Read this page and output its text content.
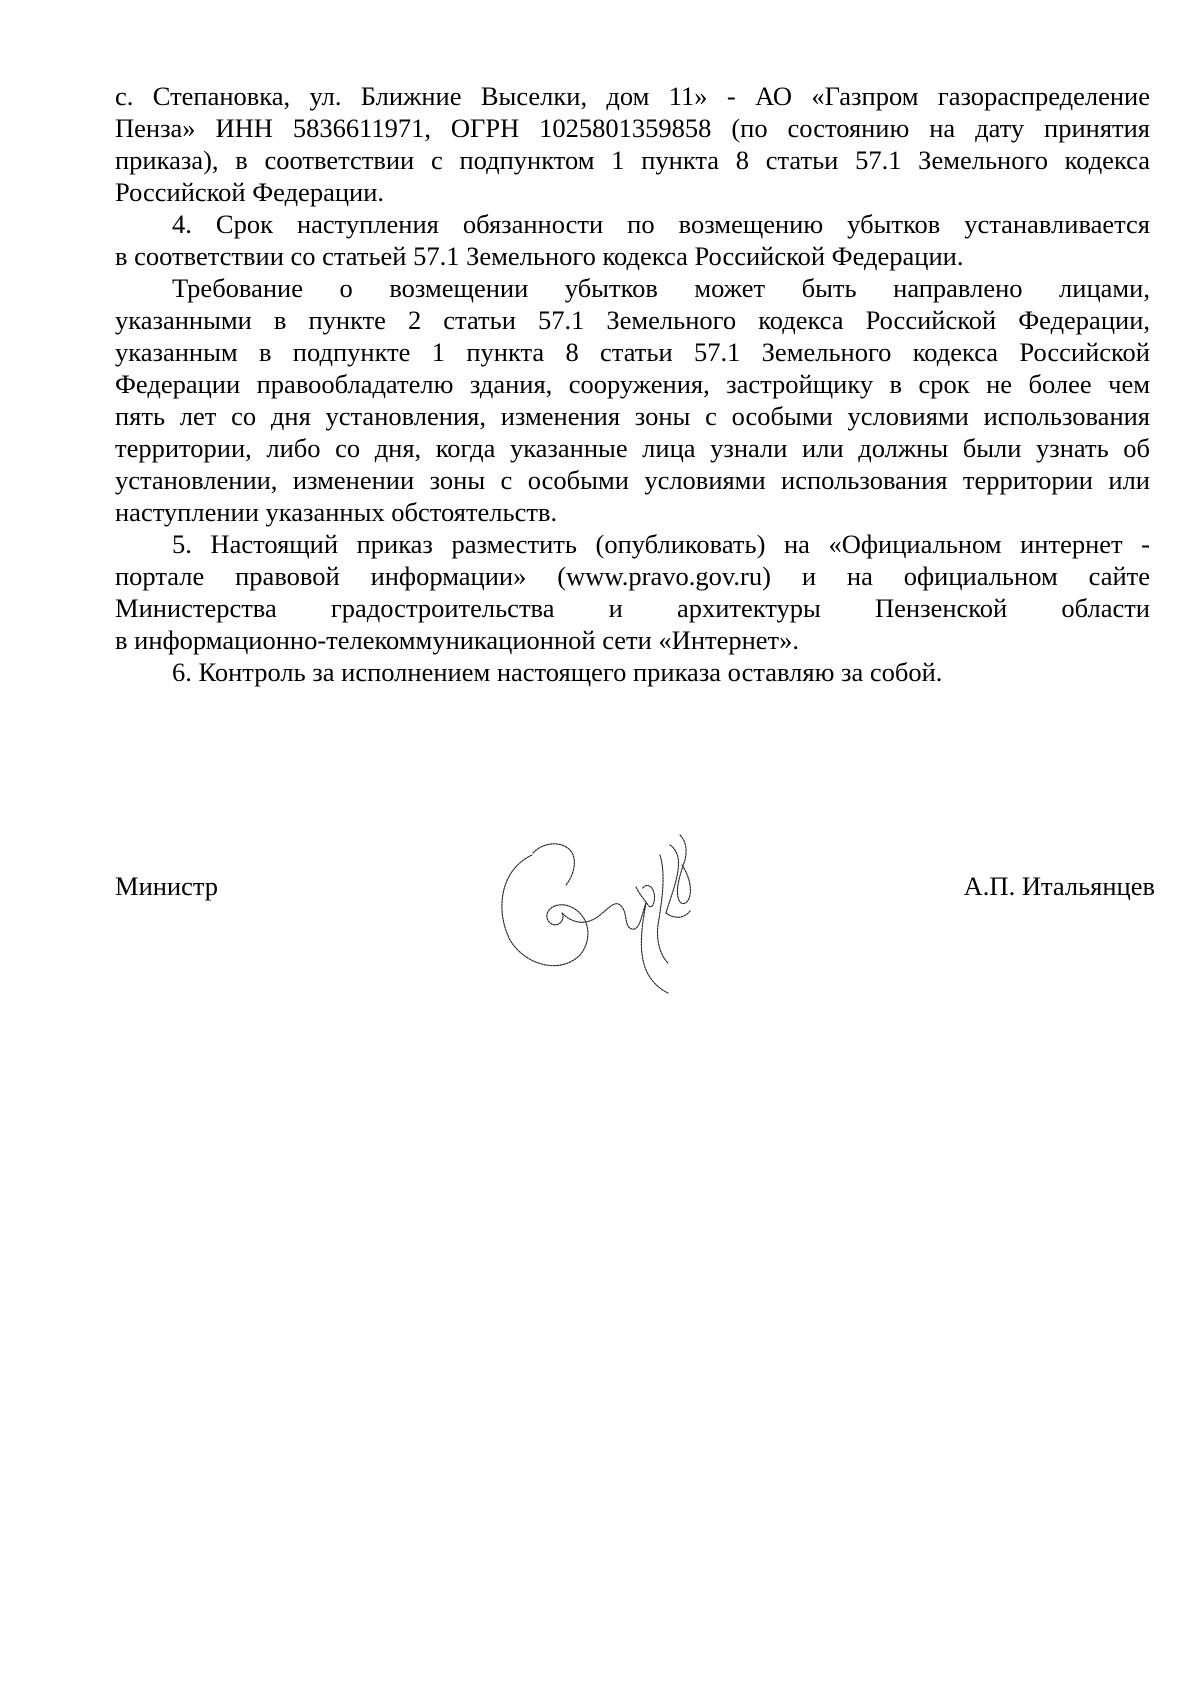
с. Степановка, ул. Ближние Выселки, дом 11» - АО «Газпром газораспределение
Пенза» ИНН 5836611971, ОГРН 1025801359858 (по состоянию на дату принятия
приказа), в соответствии с подпунктом 1 пункта 8 статьи 57.1 Земельного кодекса
Российской Федерации.
4. Срок наступления обязанности по возмещению убытков устанавливается
в соответствии со статьей 57.1 Земельного кодекса Российской Федерации.
Требование о возмещении убытков может быть направлено лицами,
указанными в пункте 2 статьи 57.1 Земельного кодекса Российской Федерации,
указанным в подпункте 1 пункта 8 статьи 57.1 Земельного кодекса Российской
Федерации правообладателю здания, сооружения, застройщику в срок не более чем
пять лет со дня установления, изменения зоны с особыми условиями использования
территории, либо со дня, когда указанные лица узнали или должны были узнать об
установлении, изменении зоны с особыми условиями использования территории или
наступлении указанных обстоятельств.
5. Настоящий приказ разместить (опубликовать) на «Официальном интернет -
портале правовой информации» (www.pravo.gov.ru) и на официальном сайте
Министерства градостроительства и архитектуры Пензенской области
в информационно-телекоммуникационной сети «Интернет».
6. Контроль за исполнением настоящего приказа оставляю за собой.
Министр	А.П. Итальянцев
